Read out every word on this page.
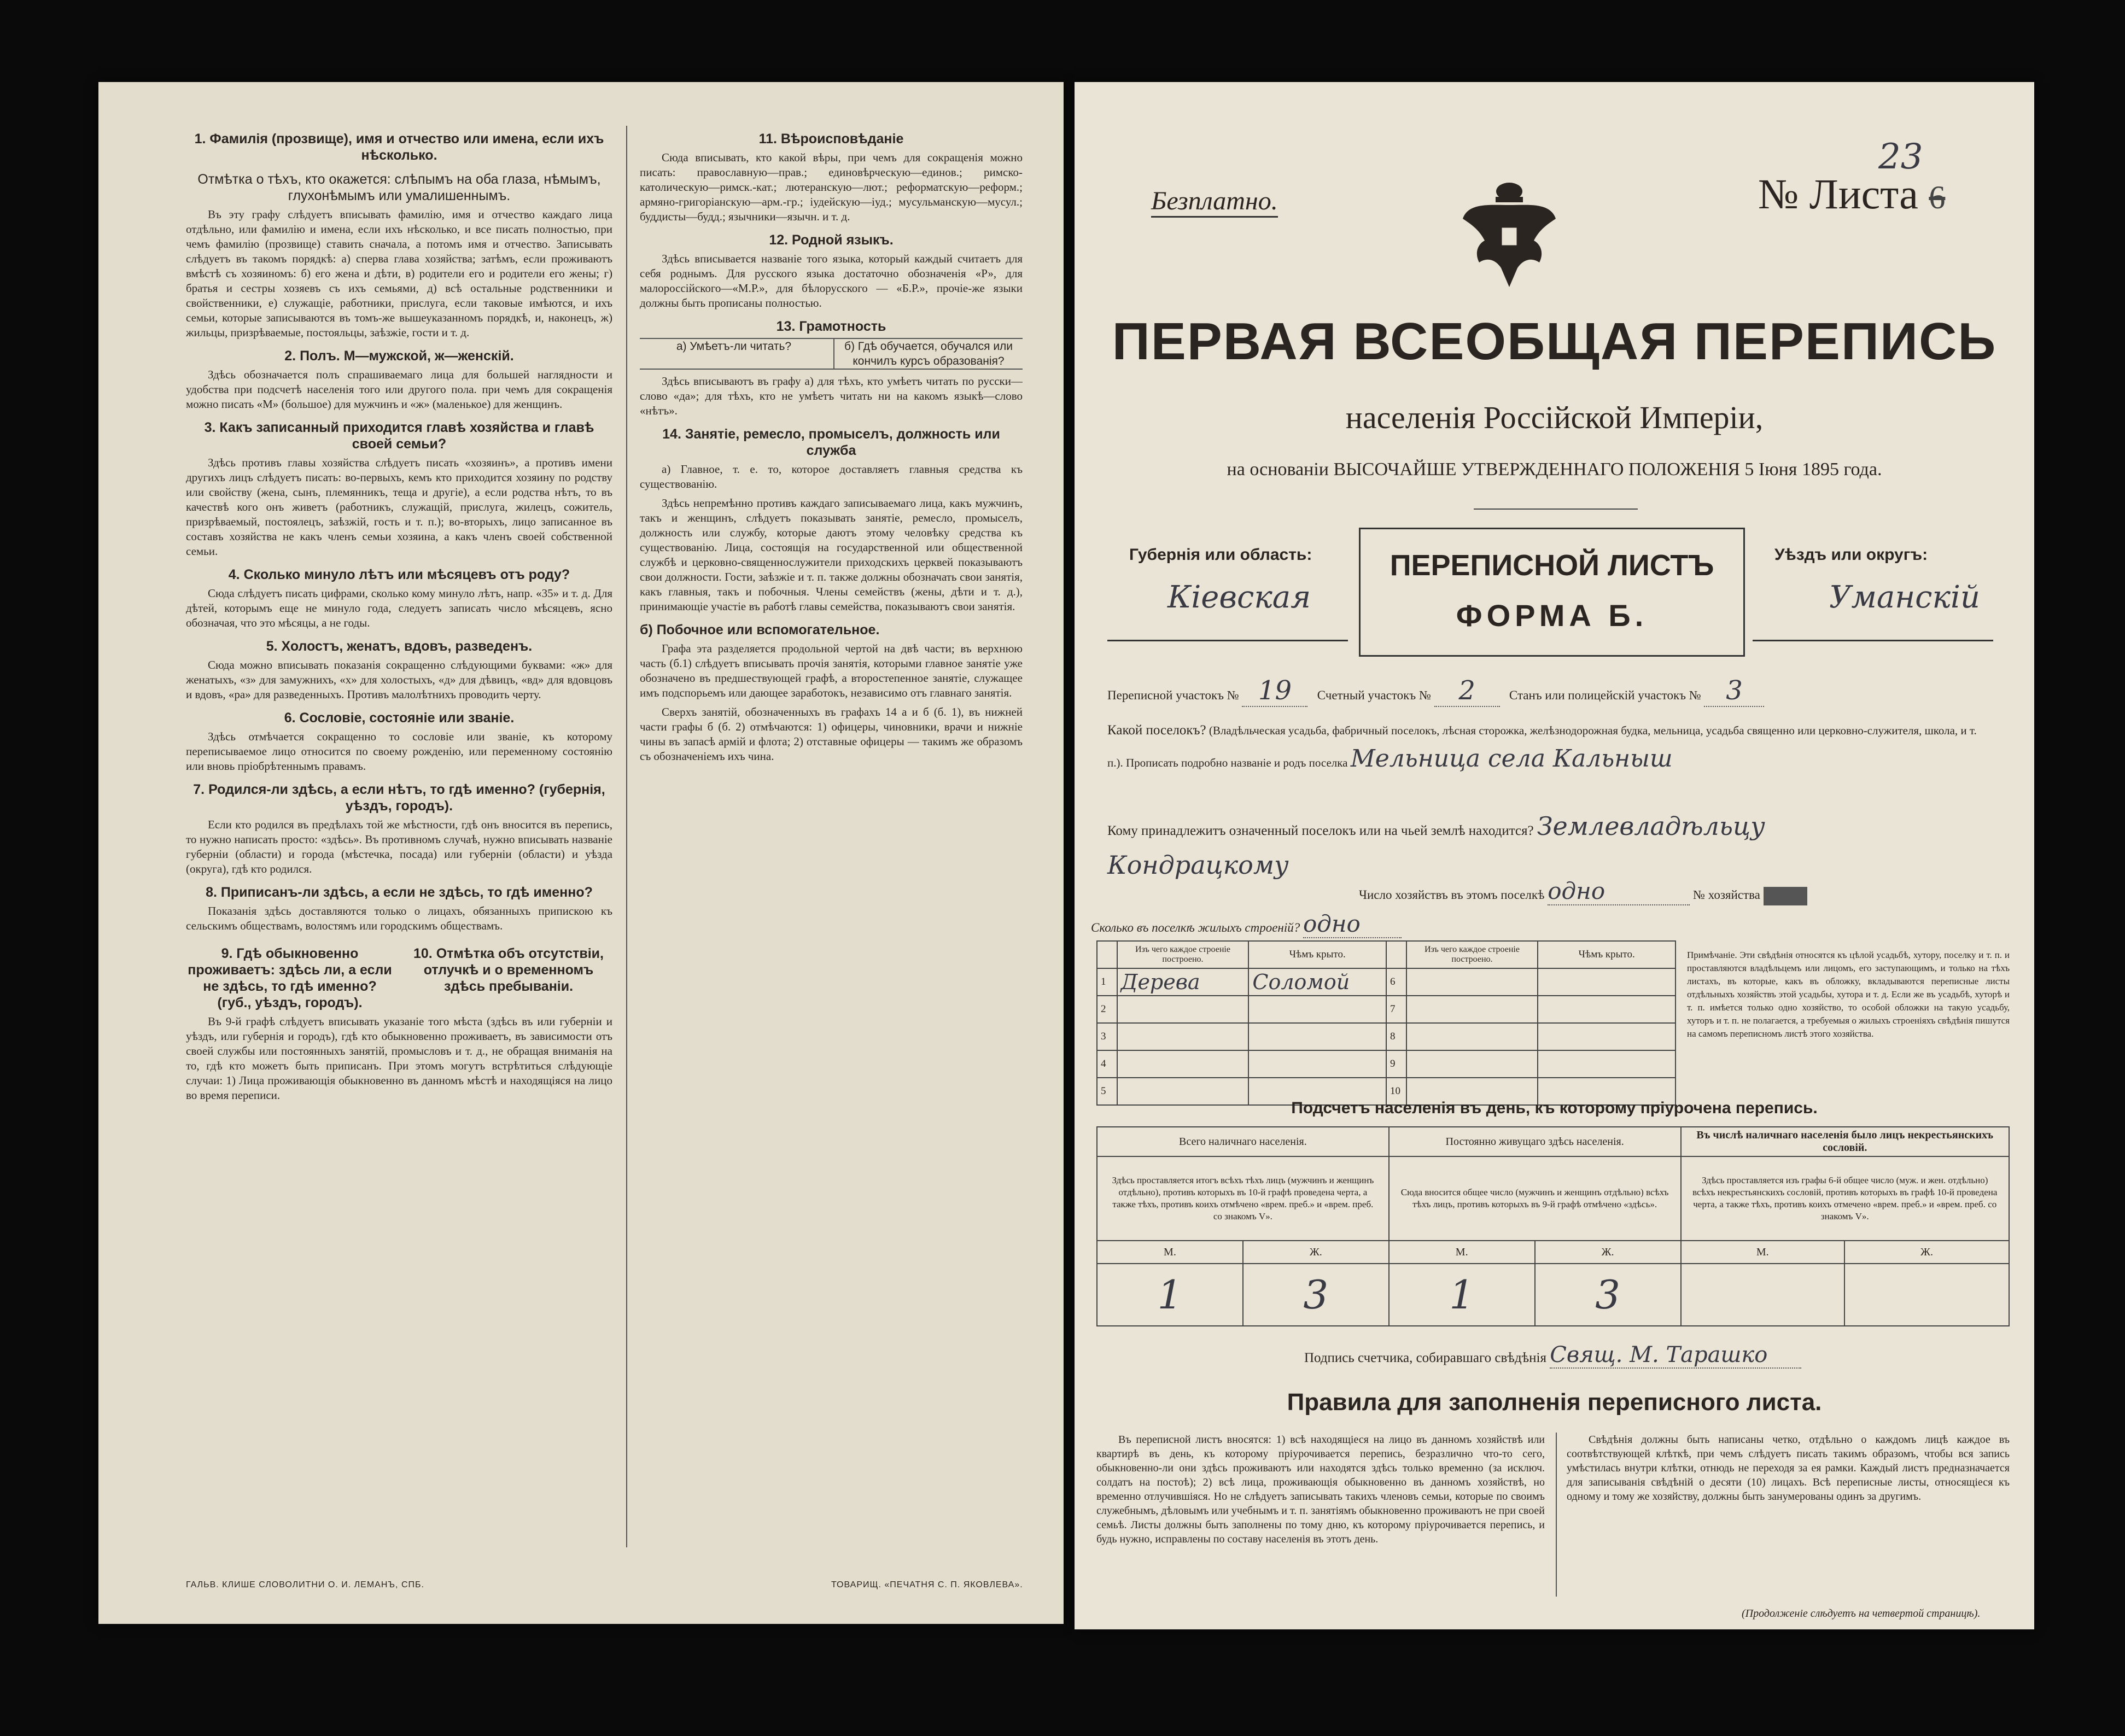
1. Фамилія (прозвище), имя и отчество или имена, если ихъ нѣсколько.
Отмѣтка о тѣхъ, кто окажется: слѣпымъ на оба глаза, нѣмымъ, глухонѣмымъ или умалишеннымъ.

Въ эту графу слѣдуетъ вписывать фамилію, имя и отчество каждаго лица отдѣльно, или фамилію и имена, если ихъ нѣсколько, и все писать полностью, при чемъ фамилію (прозвище) ставить сначала, а потомъ имя и отчество. Записывать слѣдуетъ въ такомъ порядкѣ: а) сперва глава хозяйства; затѣмъ, если проживаютъ вмѣстѣ съ хозяиномъ: б) его жена и дѣти, в) родители его и родители его жены; г) братья и сестры хозяевъ съ ихъ семьями, д) всѣ остальные родственники и свойственники, е) служащіе, работники, прислуга, если таковые имѣются, и ихъ семьи, которые записываются въ томъ-же вышеуказанномъ порядкѣ, и, наконецъ, ж) жильцы, призрѣваемые, постояльцы, заѣзжіе, гости и т. д.

2. Полъ. М—мужской, ж—женскій.

Здѣсь обозначается полъ спрашиваемаго лица для большей наглядности и удобства при подсчетѣ населенія того или другого пола. при чемъ для сокращенія можно писать «М» (большое) для мужчинъ и «ж» (маленькое) для женщинъ.

3. Какъ записанный приходится главѣ хозяйства и главѣ своей семьи?

Здѣсь противъ главы хозяйства слѣдуетъ писать «хозяинъ», а противъ имени другихъ лицъ слѣдуетъ писать: во-первыхъ, кемъ кто приходится хозяину по родству или свойству (жена, сынъ, племянникъ, теща и другіе), а если родства нѣтъ, то въ качествѣ кого онъ живетъ (работникъ, служащій, прислуга, жилецъ, сожитель, призрѣваемый, постоялецъ, заѣзжій, гость и т. п.); во-вторыхъ, лицо записанное въ составъ хозяйства не какъ членъ семьи хозяина, а какъ членъ своей собственной семьи.

4. Сколько минуло лѣтъ или мѣсяцевъ отъ роду?

Сюда слѣдуетъ писать цифрами, сколько кому минуло лѣтъ, напр. «35» и т. д. Для дѣтей, которымъ еще не минуло года, следуетъ записать число мѣсяцевъ, ясно обозначая, что это мѣсяцы, а не годы.

5. Холостъ, женатъ, вдовъ, разведенъ.

Сюда можно вписывать показанія сокращенно слѣдующими буквами: «ж» для женатыхъ, «з» для замужнихъ, «х» для холостыхъ, «д» для дѣвицъ, «вд» для вдовцовъ и вдовъ, «ра» для разведенныхъ. Противъ малолѣтнихъ проводить черту.

6. Сословіе, состояніе или званіе.

Здѣсь отмѣчается сокращенно то сословіе или званіе, къ которому переписываемое лицо относится по своему рожденію, или переменному состоянію или вновь пріобрѣтеннымъ правамъ.

7. Родился-ли здѣсь, а если нѣтъ, то гдѣ именно? (губернія, уѣздъ, городъ).

Если кто родился въ предѣлахъ той же мѣстности, гдѣ онъ вносится въ перепись, то нужно написать просто: «здѣсь». Въ противномъ случаѣ, нужно вписывать названіе губерніи (области) и города (мѣстечка, посада) или губерніи (области) и уѣзда (округа), гдѣ кто родился.

8. Приписанъ-ли здѣсь, а если не здѣсь, то гдѣ именно?

Показанія здѣсь доставляются только о лицахъ, обязанныхъ припискою къ сельскимъ обществамъ, волостямъ или городскимъ обществамъ.

9. Гдѣ обыкновенно проживаетъ: здѣсь ли, а если не здѣсь, то гдѣ именно? (губ., уѣздъ, городъ).
10. Отмѣтка объ отсутствіи, отлучкѣ и о временномъ здѣсь пребываніи.

Въ 9-й графѣ слѣдуетъ вписывать указаніе того мѣста (здѣсь въ или губерніи и уѣздъ, или губернія и городъ), гдѣ кто обыкновенно проживаетъ, въ зависимости отъ своей службы или постоянныхъ занятій, промысловъ и т. д., не обращая вниманія на то, гдѣ кто можетъ быть приписанъ. При этомъ могутъ встрѣтиться слѣдующіе случаи: 1) Лица проживающія обыкновенно въ данномъ мѣстѣ и находящіяся на лицо во время переписи.

11. Вѣроисповѣданіе

Сюда вписывать, кто какой вѣры, при чемъ для сокращенія можно писать: православную—прав.; единовѣрческую—единов.; римско-католическую—римск.-кат.; лютеранскую—лют.; реформатскую—реформ.; армяно-григоріанскую—арм.-гр.; іудейскую—іуд.; мусульманскую—мусул.; буддисты—будд.; язычники—язычн. и т. д.

12. Родной языкъ.

Здѣсь вписывается названіе того языка, который каждый считаетъ для себя роднымъ. Для русского языка достаточно обозначенія «Р», для малороссійского—«М.Р.», для бѣлорусского — «Б.Р.», прочіе-же языки должны быть прописаны полностью.

13. Грамотность
а) Умѣетъ-ли читать?	б) Гдѣ обучается, обучался или кончилъ курсъ образованія?

Здѣсь вписываютъ въ графу а) для тѣхъ, кто умѣетъ читать по русски—слово «да»; для тѣхъ, кто не умѣетъ читать ни на какомъ языкѣ—слово «нѣтъ».

14. Занятіе, ремесло, промыселъ, должность или служба

а) Главное, т. е. то, которое доставляетъ главныя средства къ существованію.

Здѣсь непремѣнно противъ каждаго записываемаго лица, какъ мужчинъ, такъ и женщинъ, слѣдуетъ показывать занятіе, ремесло, промыселъ, должность или службу, которые даютъ этому человѣку средства къ существованію. Лица, состоящія на государственной или общественной службѣ и церковно-священнослужители приходскихъ церквей показываютъ свои должности. Гости, заѣзжіе и т. п. также должны обозначать свои занятія, какъ главныя, такъ и побочныя. Члены семействъ (жены, дѣти и т. д.), принимающіе участіе въ работѣ главы семейства, показываютъ свои занятія.

б) Побочное или вспомогательное.

Графа эта разделяется продольной чертой на двѣ части; въ верхнюю часть (б.1) слѣдуетъ вписывать прочія занятія, которыми главное занятіе уже обозначено въ предшествующей графѣ, а второстепенное занятіе, служащее имъ подспорьемъ или дающее заработокъ, независимо отъ главнаго занятія.

Сверхъ занятій, обозначенныхъ въ графахъ 14 а и б (б. 1), въ нижней части графы б (б. 2) отмѣчаются: 1) офицеры, чиновники, врачи и нижніе чины въ запасѣ армій и флота; 2) отставные офицеры — такимъ же образомъ съ обозначеніемъ ихъ чина.

ГАЛЬВ. КЛИШЕ СЛОВОЛИТНИ О. И. ЛЕМАНЪ, СПБ.	ТОВАРИЩ. «ПЕЧАТНЯ С. П. ЯКОВЛЕВА».
Безплатно.	№ Листа 6
23
ПЕРВАЯ ВСЕОБЩАЯ ПЕРЕПИСЬ
населенія Россійской Имперіи,
на основаніи ВЫСОЧАЙШЕ УТВЕРЖДЕННАГО ПОЛОЖЕНІЯ 5 Іюня 1895 года.
Губернія или область:
Кіевская
ПЕРЕПИСНОЙ ЛИСТЪ
ФОРМА Б.
Уѣздъ или округъ:
Уманскій
Переписной участокъ № 19 Счетный участокъ № 2	Станъ или полицейскій участокъ № 3
Какой поселокъ? (Владѣльческая усадьба, фабричный поселокъ, лѣсная сторожка, желѣзнодорожная будка, мельница, усадьба священно или церковно-служителя, школа, и т. п.). Прописать подробно названіе и родъ поселка Мельница села Кальныш
Кому принадлежитъ означенный поселокъ или на чьей землѣ находится? Землевладѣльцу
Кондрацкому
Число хозяйствъ въ этомъ поселкѣ одно	№ хозяйства
Сколько въ поселкѣ жилыхъ строеній? одно
	Изъ чего каждое строеніе построено.	Чѣмъ крыто.		Изъ чего каждое строеніе построено.	Чѣмъ крыто.
1	Дерева	Соломой	6		
2			7		
3			8		
4			9		
5			10		
Примѣчаніе. Эти свѣдѣнія относятся къ цѣлой усадьбѣ, хутору, поселку и т. п. и проставляются владѣльцемъ или лицомъ, его заступающимъ, и только на тѣхъ листахъ, въ которые, какъ въ обложку, вкладываются переписные листы отдѣльныхъ хозяйствъ этой усадьбы, хутора и т. д. Если же въ усадьбѣ, хуторѣ и т. п. имѣется только одно хозяйство, то особой обложки на такую усадьбу, хуторъ и т. п. не полагается, а требуемыя о жилыхъ строеніяхъ свѣдѣнія пишутся на самомъ переписномъ листѣ этого хозяйства.
Подсчетъ населенія въ день, къ которому пріурочена перепись.
Всего наличнаго населенія.		Постоянно живущаго здѣсь населенія.		Въ числѣ наличнаго населенія было лицъ некрестьянскихъ сословій.	
Здѣсь проставляется итогъ всѣхъ тѣхъ лицъ (мужчинъ и женщинъ отдѣльно), противъ которыхъ въ 10-й графѣ проведена черта, а также тѣхъ, противъ коихъ отмѣчено «врем. преб.» и «врем. преб. со знакомъ V».		Сюда вносится общее число (мужчинъ и женщинъ отдѣльно) всѣхъ тѣхъ лицъ, противъ которыхъ въ 9-й графѣ отмѣчено «здѣсь».		Здѣсь проставляется изъ графы 6-й общее число (муж. и жен. отдѣльно) всѣхъ некрестьянскихъ сословій, противъ которыхъ въ графѣ 10-й проведена черта, а также тѣхъ, противъ коихъ отмечено «врем. преб.» и «врем. преб. со знакомъ V».	
М.	Ж.	М.	Ж.	М.	Ж.
1	3	1	3		
Подпись счетчика, собиравшаго свѣдѣнія Свящ. М. Тарашко
Правила для заполненія переписного листа.
Въ переписной листъ вносятся: 1) всѣ находящіеся на лицо въ данномъ хозяйствѣ или квартирѣ въ день, къ которому пріурочивается перепись, безразлично что-то сего, обыкновенно-ли они здѣсь проживаютъ или находятся здѣсь только временно (за исключ. солдатъ на постоѣ); 2) всѣ лица, проживающія обыкновенно въ данномъ хозяйствѣ, но временно отлучившіяся. Но не слѣдуетъ записывать такихъ членовъ семьи, которые по своимъ служебнымъ, дѣловымъ или учебнымъ и т. п. занятіямъ обыкновенно проживаютъ не при своей семьѣ. Листы должны быть заполнены по тому дню, къ которому пріурочивается перепись, и будь нужно, исправлены по составу населенія въ этотъ день.
Свѣдѣнія должны быть написаны четко, отдѣльно о каждомъ лицѣ каждое въ соотвѣтствующей клѣткѣ, при чемъ слѣдуетъ писать такимъ образомъ, чтобы вся запись умѣстилась внутри клѣтки, отнюдь не переходя за ея рамки. Каждый листъ предназначается для записыванія свѣдѣній о десяти (10) лицахъ. Всѣ переписные листы, относящіеся къ одному и тому же хозяйству, должны быть занумерованы одинъ за другимъ.
(Продолженіе слѣдуетъ на четвертой страницѣ).
